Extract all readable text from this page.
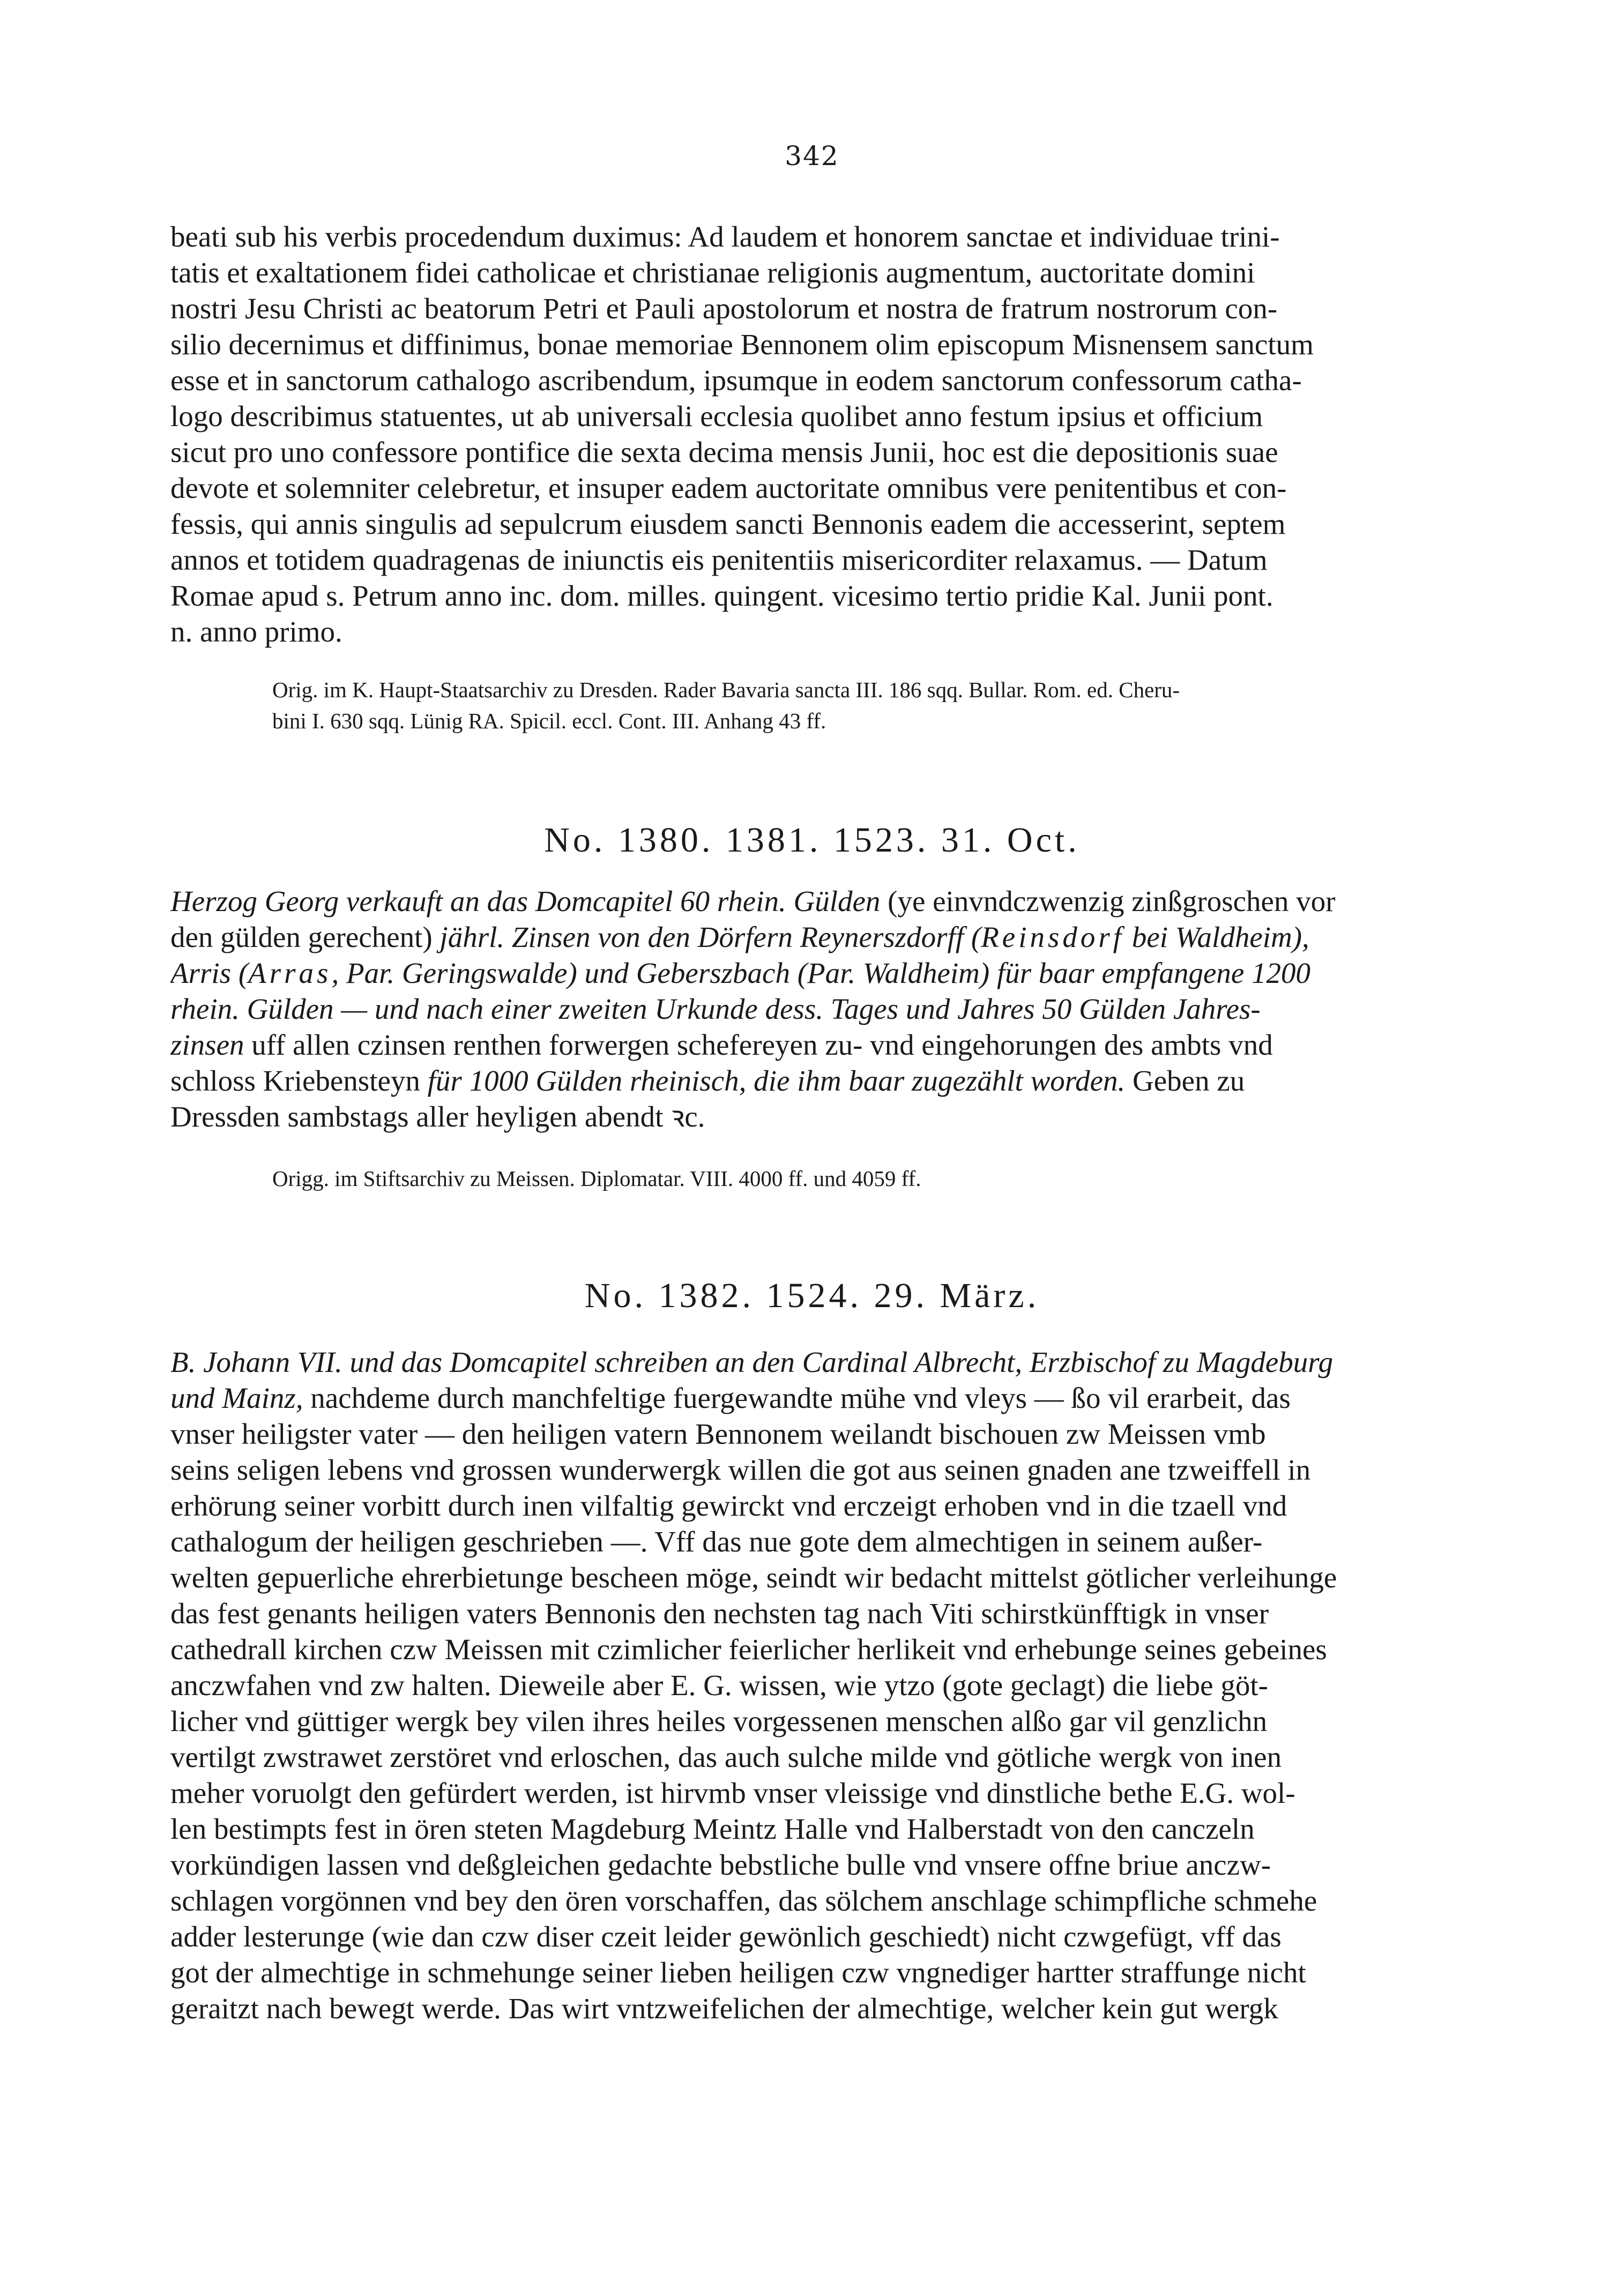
342
beati sub his verbis procedendum duximus: Ad laudem et honorem sanctae et individuae trini-
tatis et exaltationem fidei catholicae et christianae religionis augmentum, auctoritate domini
nostri Jesu Christi ac beatorum Petri et Pauli apostolorum et nostra de fratrum nostrorum con-
silio decernimus et diffinimus, bonae memoriae Bennonem olim episcopum Misnensem sanctum
esse et in sanctorum cathalogo ascribendum, ipsumque in eodem sanctorum confessorum catha-
logo describimus statuentes, ut ab universali ecclesia quolibet anno festum ipsius et officium
sicut pro uno confessore pontifice die sexta decima mensis Junii, hoc est die depositionis suae
devote et solemniter celebretur, et insuper eadem auctoritate omnibus vere penitentibus et con-
fessis, qui annis singulis ad sepulcrum eiusdem sancti Bennonis eadem die accesserint, septem
annos et totidem quadragenas de iniunctis eis penitentiis misericorditer relaxamus. — Datum
Romae apud s. Petrum anno inc. dom. milles. quingent. vicesimo tertio pridie Kal. Junii pont.
n. anno primo.
Orig. im K. Haupt-Staatsarchiv zu Dresden. Rader Bavaria sancta III. 186 sqq. Bullar. Rom. ed. Cheru-
bini I. 630 sqq. Lünig RA. Spicil. eccl. Cont. III. Anhang 43 ff.
No. 1380. 1381. 1523. 31. Oct.
Herzog Georg verkauft an das Domcapitel 60 rhein. Gülden (ye einvndczwenzig zinßgroschen vor
den gülden gerechent) jährl. Zinsen von den Dörfern Reynerszdorff (Reinsdorf bei Waldheim),
Arris (Arras, Par. Geringswalde) und Geberszbach (Par. Waldheim) für baar empfangene 1200
rhein. Gülden — und nach einer zweiten Urkunde dess. Tages und Jahres 50 Gülden Jahres-
zinsen uff allen czinsen renthen forwergen schefereyen zu- vnd eingehorungen des ambts vnd
schloss Kriebensteyn für 1000 Gülden rheinisch, die ihm baar zugezählt worden. Geben zu
Dressden sambstags aller heyligen abendt ꝛc.
Origg. im Stiftsarchiv zu Meissen. Diplomatar. VIII. 4000 ff. und 4059 ff.
No. 1382. 1524. 29. März.
B. Johann VII. und das Domcapitel schreiben an den Cardinal Albrecht, Erzbischof zu Magdeburg
und Mainz, nachdeme durch manchfeltige fuergewandte mühe vnd vleys — ßo vil erarbeit, das
vnser heiligster vater — den heiligen vatern Bennonem weilandt bischouen zw Meissen vmb
seins seligen lebens vnd grossen wunderwergk willen die got aus seinen gnaden ane tzweiffell in
erhörung seiner vorbitt durch inen vilfaltig gewirckt vnd erczeigt erhoben vnd in die tzaell vnd
cathalogum der heiligen geschrieben —. Vff das nue gote dem almechtigen in seinem außer-
welten gepuerliche ehrerbietunge bescheen möge, seindt wir bedacht mittelst götlicher verleihunge
das fest genants heiligen vaters Bennonis den nechsten tag nach Viti schirstkünfftigk in vnser
cathedrall kirchen czw Meissen mit czimlicher feierlicher herlikeit vnd erhebunge seines gebeines
anczwfahen vnd zw halten. Dieweile aber E. G. wissen, wie ytzo (gote geclagt) die liebe göt-
licher vnd güttiger wergk bey vilen ihres heiles vorgessenen menschen alßo gar vil genzlichn
vertilgt zwstrawet zerstöret vnd erloschen, das auch sulche milde vnd götliche wergk von inen
meher voruolgt den gefürdert werden, ist hirvmb vnser vleissige vnd dinstliche bethe E.G. wol-
len bestimpts fest in ören steten Magdeburg Meintz Halle vnd Halberstadt von den canczeln
vorkündigen lassen vnd deßgleichen gedachte bebstliche bulle vnd vnsere offne briue anczw-
schlagen vorgönnen vnd bey den ören vorschaffen, das sölchem anschlage schimpfliche schmehe
adder lesterunge (wie dan czw diser czeit leider gewönlich geschiedt) nicht czwgefügt, vff das
got der almechtige in schmehunge seiner lieben heiligen czw vngnediger hartter straffunge nicht
geraitzt nach bewegt werde. Das wirt vntzweifelichen der almechtige, welcher kein gut wergk
